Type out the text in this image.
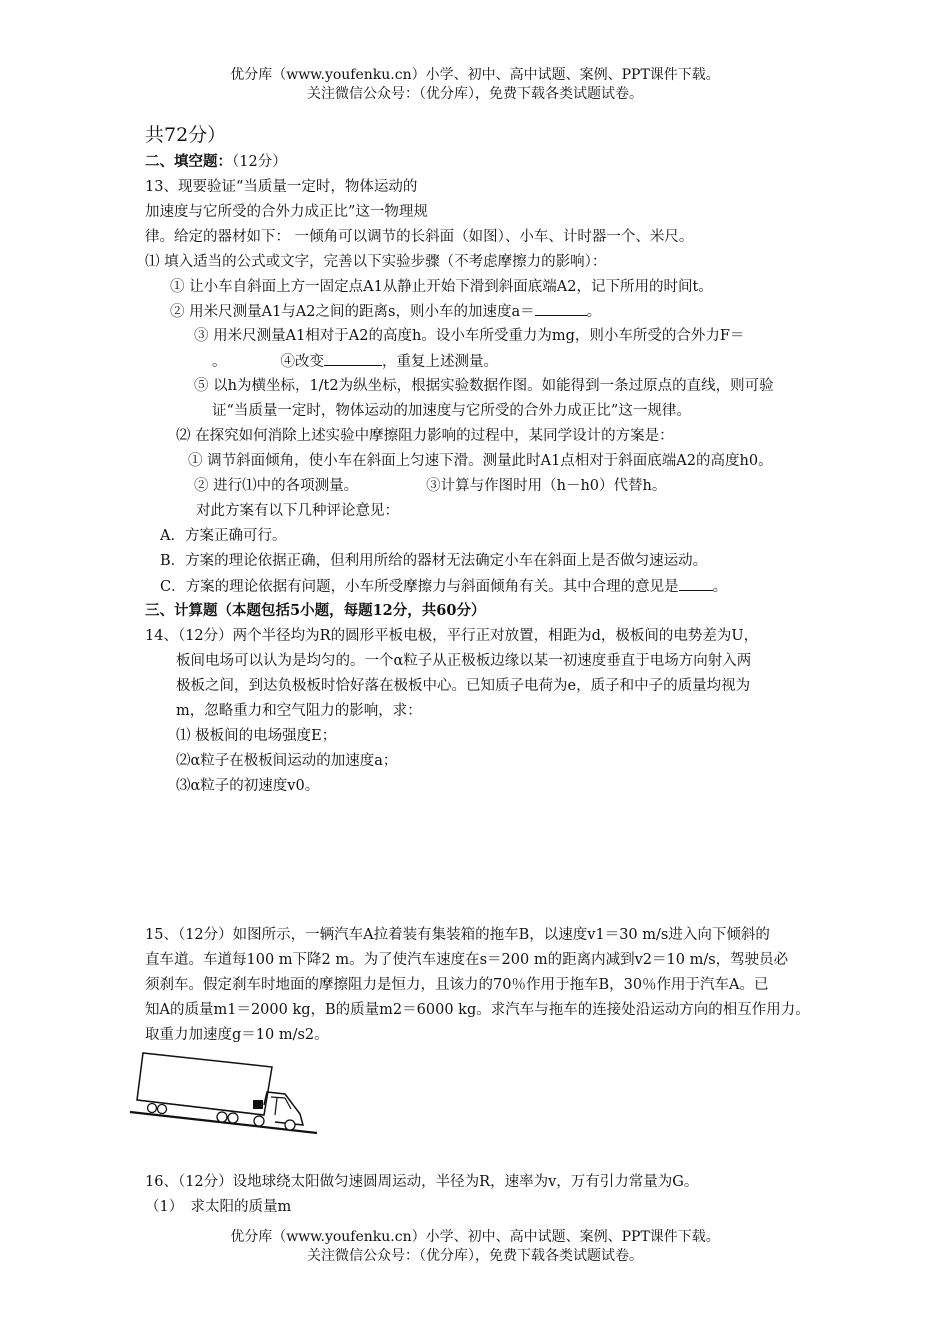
优分库（www.youfenku.cn）小学、初中、高中试题、案例、PPT课件下载。
关注微信公众号：（优分库），免费下载各类试题试卷。
共72分）
二、填空题：（12分）
13、现要验证“当质量一定时，物体运动的
加速度与它所受的合外力成正比”这一物理规
律。给定的器材如下： 一倾角可以调节的长斜面（如图）、小车、计时器一个、米尺。
⑴ 填入适当的公式或文字，完善以下实验步骤（不考虑摩擦力的影响）：
① 让小车自斜面上方一固定点A1从静止开始下滑到斜面底端A2，记下所用的时间t。
② 用米尺测量A1与A2之间的距离s，则小车的加速度a＝	。
③ 用米尺测量A1相对于A2的高度h。设小车所受重力为mg，则小车所受的合外力F＝
。	④改变	，重复上述测量。
⑤ 以h为横坐标，1/t2为纵坐标，根据实验数据作图。如能得到一条过原点的直线，则可验
证“当质量一定时，物体运动的加速度与它所受的合外力成正比”这一规律。
⑵ 在探究如何消除上述实验中摩擦阻力影响的过程中，某同学设计的方案是：
① 调节斜面倾角，使小车在斜面上匀速下滑。测量此时A1点相对于斜面底端A2的高度h0。
② 进行⑴中的各项测量。	③计算与作图时用（h－h0）代替h。
对此方案有以下几种评论意见：
A．方案正确可行。
B．方案的理论依据正确，但利用所给的器材无法确定小车在斜面上是否做匀速运动。
C．方案的理论依据有问题，小车所受摩擦力与斜面倾角有关。其中合理的意见是 。
三、计算题（本题包括5小题，每题12分，共60分）
14、（12分）两个半径均为R的圆形平板电极，平行正对放置，相距为d，极板间的电势差为U，
板间电场可以认为是均匀的。一个α粒子从正极板边缘以某一初速度垂直于电场方向射入两
极板之间，到达负极板时恰好落在极板中心。已知质子电荷为e，质子和中子的质量均视为
m，忽略重力和空气阻力的影响，求：
⑴ 极板间的电场强度E；
⑵α粒子在极板间运动的加速度a；
⑶α粒子的初速度v0。
15、（12分）如图所示，一辆汽车A拉着装有集装箱的拖车B，以速度v1＝30 m/s进入向下倾斜的
直车道。车道每100 m下降2 m。为了使汽车速度在s＝200 m的距离内减到v2＝10 m/s，驾驶员必
须刹车。假定刹车时地面的摩擦阻力是恒力，且该力的70％作用于拖车B，30％作用于汽车A。已
知A的质量m1＝2000 kg，B的质量m2＝6000 kg。求汽车与拖车的连接处沿运动方向的相互作用力。
取重力加速度g＝10 m/s2。
16、（12分）设地球绕太阳做匀速圆周运动，半径为R，速率为v，万有引力常量为G。
（1）　求太阳的质量m
优分库（www.youfenku.cn）小学、初中、高中试题、案例、PPT课件下载。
关注微信公众号：（优分库），免费下载各类试题试卷。
